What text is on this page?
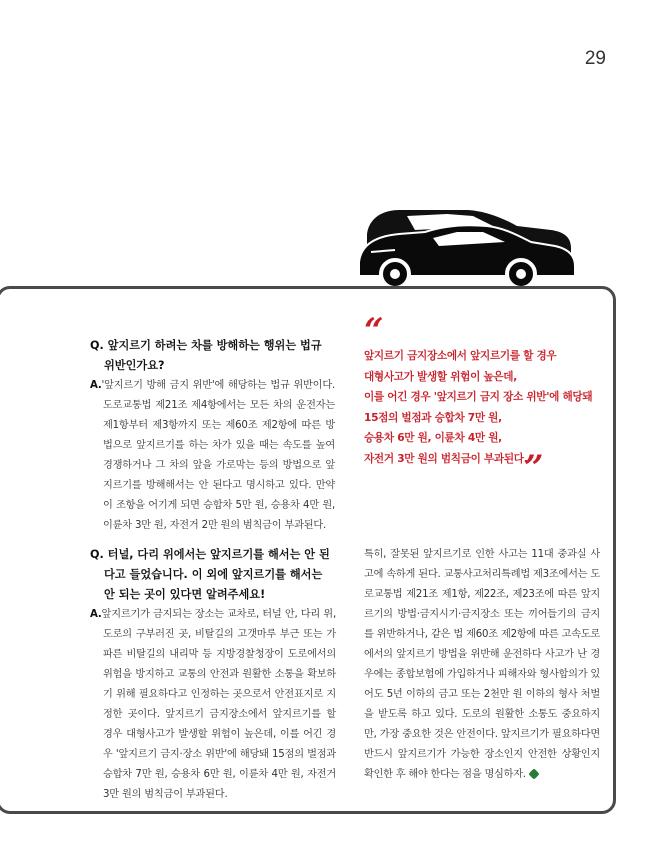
29
Q. 앞지르기 하려는 차를 방해하는 행위는 법규 위반인가요?
A.'앞지르기 방해 금지 위반'에 해당하는 법규 위반이다. 도로교통법 제21조 제4항에서는 모든 차의 운전자는 제1항부터 제3항까지 또는 제60조 제2항에 따른 방법으로 앞지르기를 하는 차가 있을 때는 속도를 높여 경쟁하거나 그 차의 앞을 가로막는 등의 방법으로 앞지르기를 방해해서는 안 된다고 명시하고 있다. 만약 이 조항을 어기게 되면 승합차 5만 원, 승용차 4만 원, 이륜차 3만 원, 자전거 2만 원의 범칙금이 부과된다.
“
앞지르기 금지장소에서 앞지르기를 할 경우
대형사고가 발생할 위험이 높은데,
이를 어긴 경우 '앞지르기 금지 장소 위반'에 해당돼
15점의 벌점과 승합차 7만 원,
승용차 6만 원, 이륜차 4만 원,
자전거 3만 원의 범칙금이 부과된다.
”
Q. 터널, 다리 위에서는 앞지르기를 해서는 안 된다고 들었습니다. 이 외에 앞지르기를 해서는 안 되는 곳이 있다면 알려주세요!
A.앞지르기가 금지되는 장소는 교차로, 터널 안, 다리 위, 도로의 구부러진 곳, 비탈길의 고갯마루 부근 또는 가파른 비탈길의 내리막 등 지방경찰청장이 도로에서의 위험을 방지하고 교통의 안전과 원활한 소통을 확보하기 위해 필요하다고 인정하는 곳으로서 안전표지로 지정한 곳이다. 앞지르기 금지장소에서 앞지르기를 할 경우 대형사고가 발생할 위험이 높은데, 이를 어긴 경우 '앞지르기 금지·장소 위반'에 해당돼 15점의 벌점과 승합차 7만 원, 승용차 6만 원, 이륜차 4만 원, 자전거 3만 원의 범칙금이 부과된다.
특히, 잘못된 앞지르기로 인한 사고는 11대 중과실 사고에 속하게 된다. 교통사고처리특례법 제3조에서는 도로교통법 제21조 제1항, 제22조, 제23조에 따른 앞지르기의 방법·금지시기·금지장소 또는 끼어들기의 금지를 위반하거나, 같은 법 제60조 제2항에 따른 고속도로에서의 앞지르기 방법을 위반해 운전하다 사고가 난 경우에는 종합보험에 가입하거나 피해자와 형사합의가 있어도 5년 이하의 금고 또는 2천만 원 이하의 형사 처벌을 받도록 하고 있다. 도로의 원활한 소통도 중요하지만, 가장 중요한 것은 안전이다. 앞지르기가 필요하다면 반드시 앞지르기가 가능한 장소인지 안전한 상황인지 확인한 후 해야 한다는 점을 명심하자.
